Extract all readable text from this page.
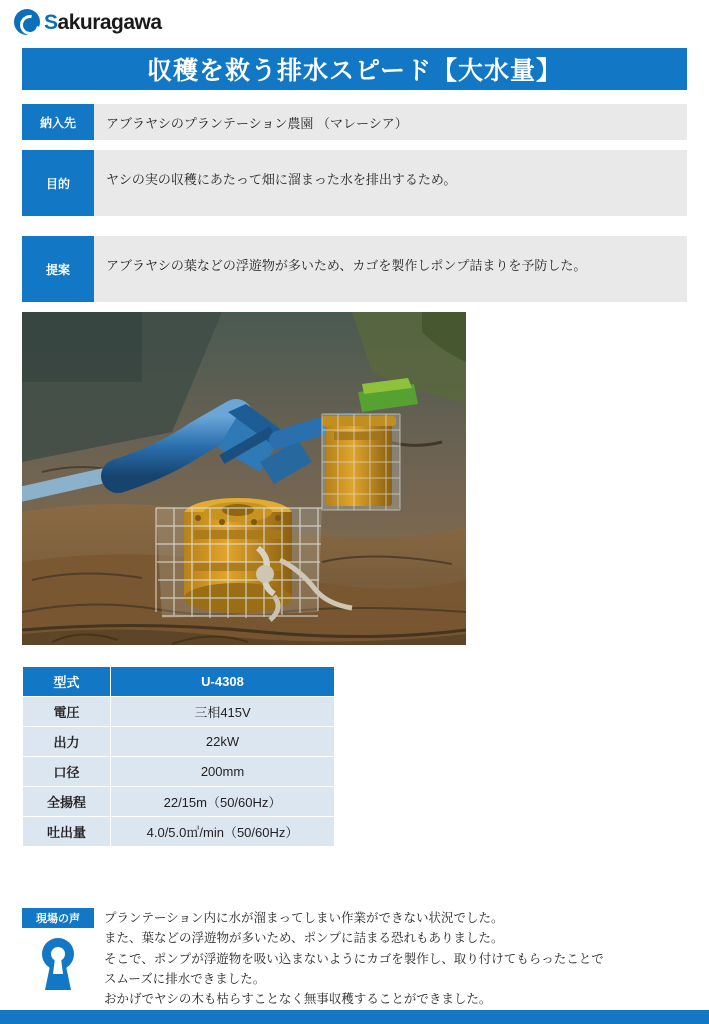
Sakuragawa
収穫を救う排水スピード【大水量】
納入先	アブラヤシのプランテーション農園 （マレーシア）
目的	ヤシの実の収穫にあたって畑に溜まった水を排出するため。
提案	アブラヤシの葉などの浮遊物が多いため、カゴを製作しポンプ詰まりを予防した。
型式	U-4308
電圧	三相415V
出力	22kW
口径	200mm
全揚程	22/15m（50/60Hz）
吐出量	4.0/5.0㎥/min（50/60Hz）
現場の声	プランテーション内に水が溜まってしまい作業ができない状況でした。
また、葉などの浮遊物が多いため、ポンプに詰まる恐れもありました。
そこで、ポンプが浮遊物を吸い込まないようにカゴを製作し、取り付けてもらったことで
スムーズに排水できました。
おかげでヤシの木も枯らすことなく無事収穫することができました。
